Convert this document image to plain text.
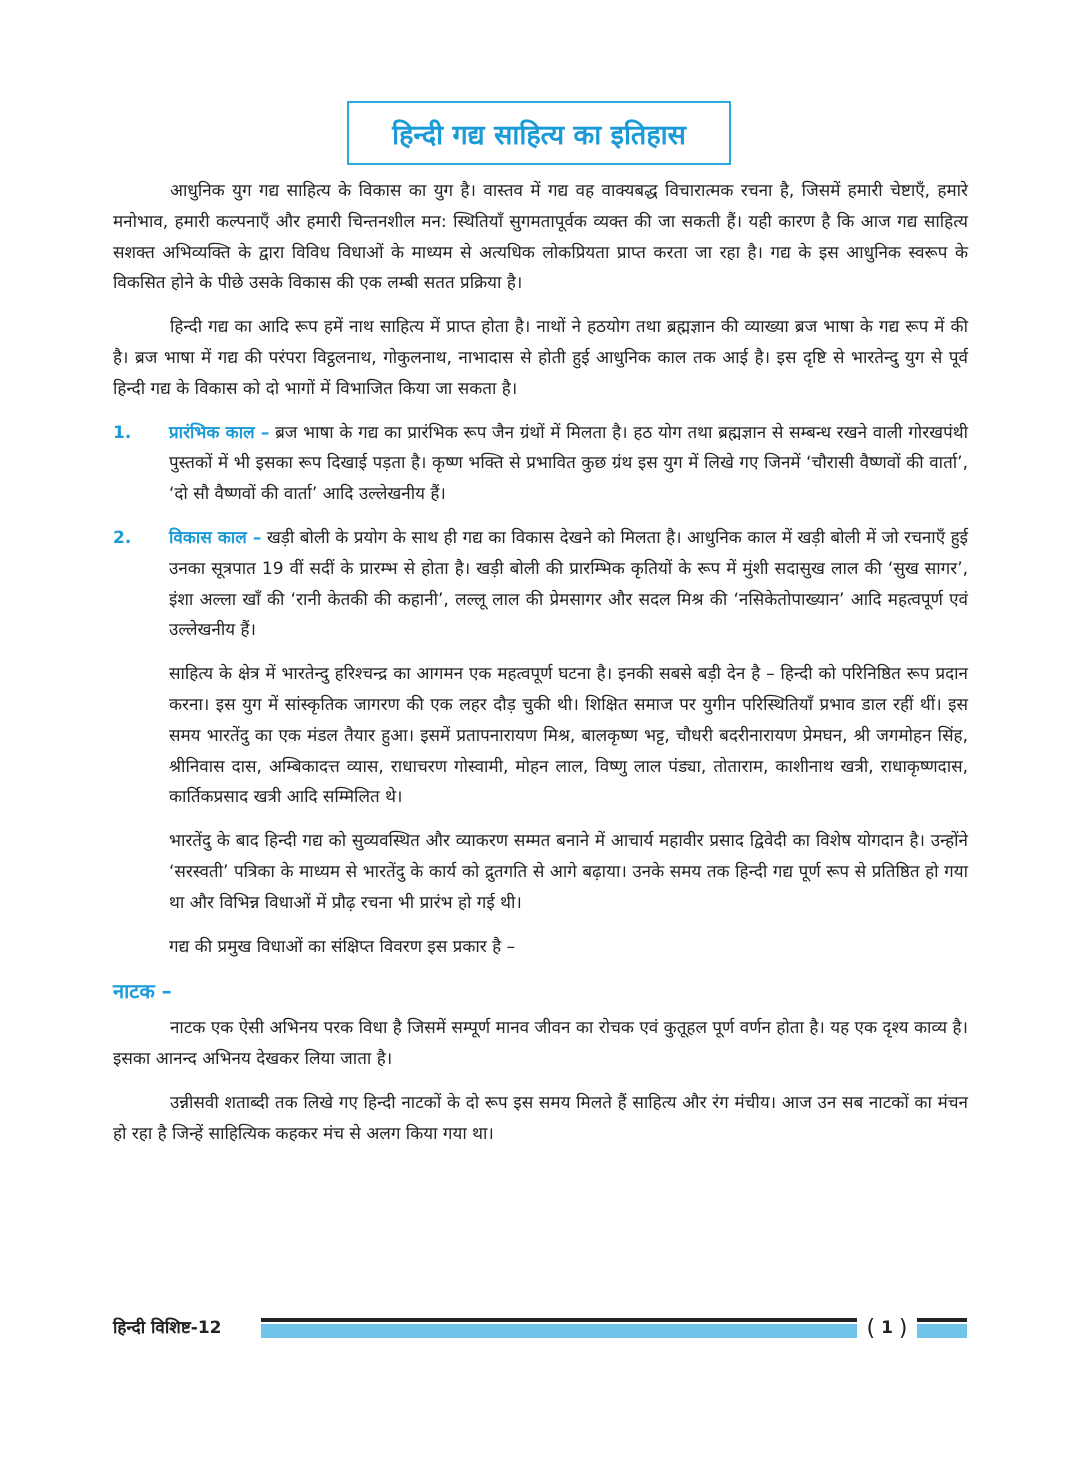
हिन्दी गद्य साहित्य का इतिहास

आधुनिक युग गद्य साहित्य के विकास का युग है। वास्तव में गद्य वह वाक्यबद्ध विचारात्मक रचना है, जिसमें हमारी चेष्टाएँ, हमारे मनोभाव, हमारी कल्पनाएँ और हमारी चिन्तनशील मन: स्थितियाँ सुगमतापूर्वक व्यक्त की जा सकती हैं। यही कारण है कि आज गद्य साहित्य सशक्त अभिव्यक्ति के द्वारा विविध विधाओं के माध्यम से अत्यधिक लोकप्रियता प्राप्त करता जा रहा है। गद्य के इस आधुनिक स्वरूप के विकसित होने के पीछे उसके विकास की एक लम्बी सतत प्रक्रिया है।

हिन्दी गद्य का आदि रूप हमें नाथ साहित्य में प्राप्त होता है। नाथों ने हठयोग तथा ब्रह्मज्ञान की व्याख्या ब्रज भाषा के गद्य रूप में की है। ब्रज भाषा में गद्य की परंपरा विट्ठलनाथ, गोकुलनाथ, नाभादास से होती हुई आधुनिक काल तक आई है। इस दृष्टि से भारतेन्दु युग से पूर्व हिन्दी गद्य के विकास को दो भागों में विभाजित किया जा सकता है।

1. प्रारंभिक काल – ब्रज भाषा के गद्य का प्रारंभिक रूप जैन ग्रंथों में मिलता है। हठ योग तथा ब्रह्मज्ञान से सम्बन्ध रखने वाली गोरखपंथी पुस्तकों में भी इसका रूप दिखाई पड़ता है। कृष्ण भक्ति से प्रभावित कुछ ग्रंथ इस युग में लिखे गए जिनमें ‘चौरासी वैष्णवों की वार्ता’, ‘दो सौ वैष्णवों की वार्ता’ आदि उल्लेखनीय हैं।
2. विकास काल – खड़ी बोली के प्रयोग के साथ ही गद्य का विकास देखने को मिलता है। आधुनिक काल में खड़ी बोली में जो रचनाएँ हुई उनका सूत्रपात 19 वीं सदीं के प्रारम्भ से होता है। खड़ी बोली की प्रारम्भिक कृतियों के रूप में मुंशी सदासुख लाल की ‘सुख सागर’, इंशा अल्ला खाँ की ‘रानी केतकी की कहानी’, लल्लू लाल की प्रेमसागर और सदल मिश्र की ‘नसिकेतोपाख्यान’ आदि महत्वपूर्ण एवं उल्लेखनीय हैं।

साहित्य के क्षेत्र में भारतेन्दु हरिश्चन्द्र का आगमन एक महत्वपूर्ण घटना है। इनकी सबसे बड़ी देन है – हिन्दी को परिनिष्ठित रूप प्रदान करना। इस युग में सांस्कृतिक जागरण की एक लहर दौड़ चुकी थी। शिक्षित समाज पर युगीन परिस्थितियाँ प्रभाव डाल रहीं थीं। इस समय भारतेंदु का एक मंडल तैयार हुआ। इसमें प्रतापनारायण मिश्र, बालकृष्ण भट्ट, चौधरी बदरीनारायण प्रेमघन, श्री जगमोहन सिंह, श्रीनिवास दास, अम्बिकादत्त व्यास, राधाचरण गोस्वामी, मोहन लाल, विष्णु लाल पंड्या, तोताराम, काशीनाथ खत्री, राधाकृष्णदास, कार्तिकप्रसाद खत्री आदि सम्मिलित थे।

भारतेंदु के बाद हिन्दी गद्य को सुव्यवस्थित और व्याकरण सम्मत बनाने में आचार्य महावीर प्रसाद द्विवेदी का विशेष योगदान है। उन्होंने ‘सरस्वती’ पत्रिका के माध्यम से भारतेंदु के कार्य को द्रुतगति से आगे बढ़ाया। उनके समय तक हिन्दी गद्य पूर्ण रूप से प्रतिष्ठित हो गया था और विभिन्न विधाओं में प्रौढ़ रचना भी प्रारंभ हो गई थी।

गद्य की प्रमुख विधाओं का संक्षिप्त विवरण इस प्रकार है –

नाटक –

नाटक एक ऐसी अभिनय परक विधा है जिसमें सम्पूर्ण मानव जीवन का रोचक एवं कुतूहल पूर्ण वर्णन होता है। यह एक दृश्य काव्य है। इसका आनन्द अभिनय देखकर लिया जाता है।

उन्नीसवी शताब्दी तक लिखे गए हिन्दी नाटकों के दो रूप इस समय मिलते हैं साहित्य और रंग मंचीय। आज उन सब नाटकों का मंचन हो रहा है जिन्हें साहित्यिक कहकर मंच से अलग किया गया था।

हिन्दी विशिष्ट-12	( 1 )
